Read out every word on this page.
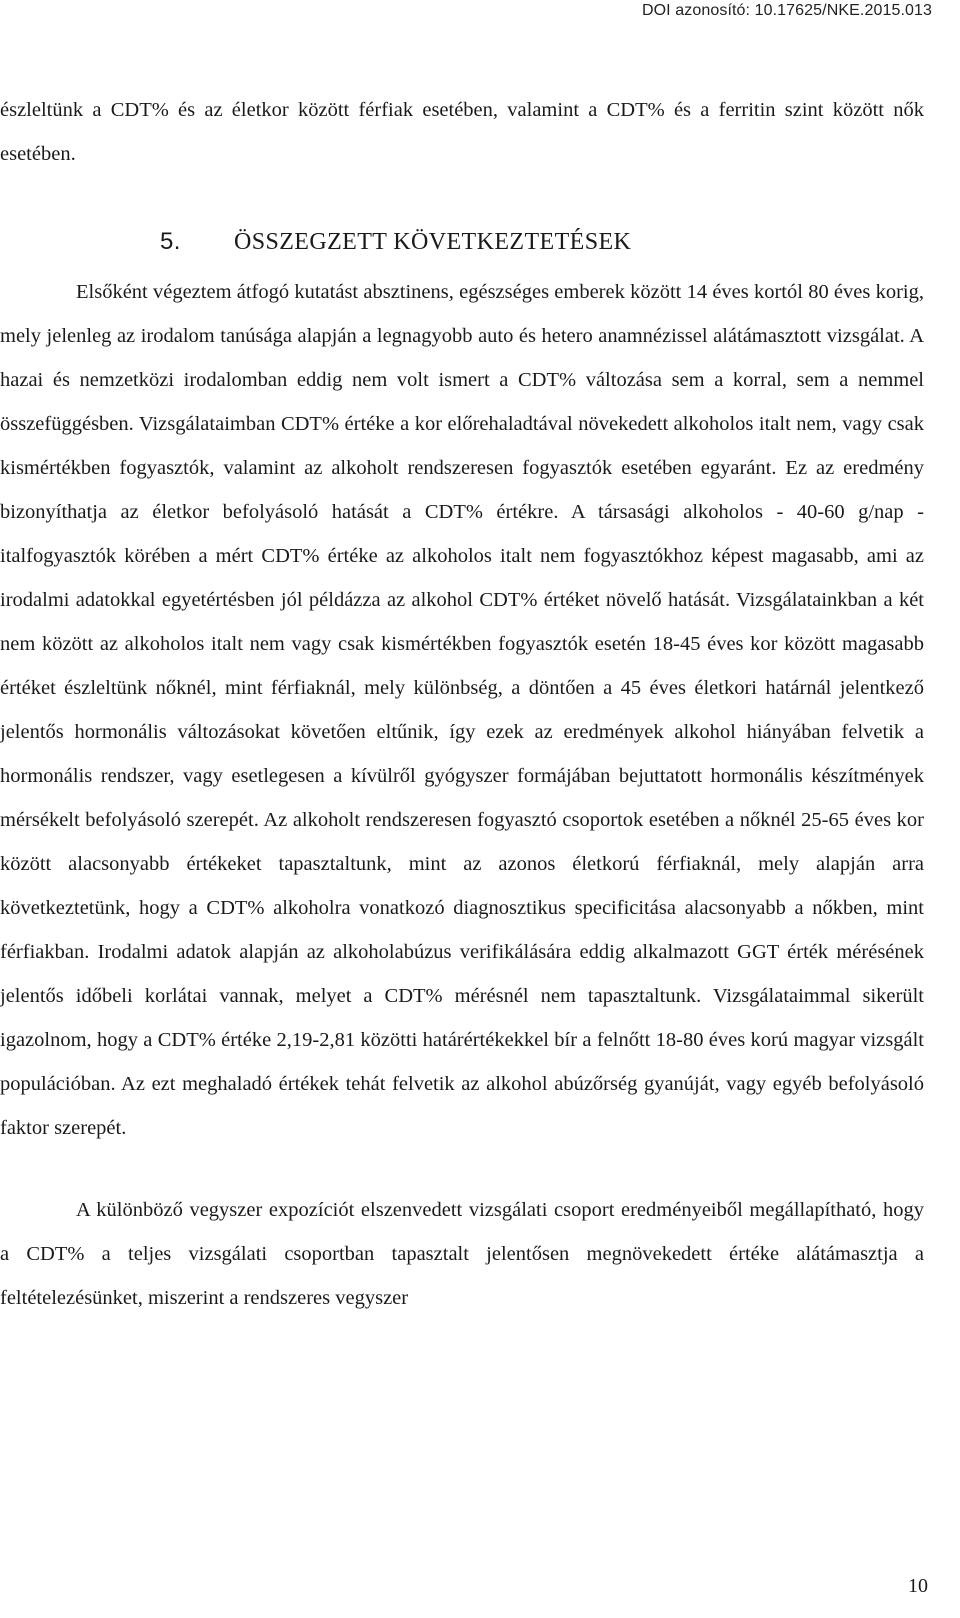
DOI azonosító: 10.17625/NKE.2015.013

észleltünk a CDT% és az életkor között férfiak esetében, valamint a CDT% és a ferritin szint között nők esetében.

5. ÖSSZEGZETT KÖVETKEZTETÉSEK

Elsőként végeztem átfogó kutatást absztinens, egészséges emberek között 14 éves kortól 80 éves korig, mely jelenleg az irodalom tanúsága alapján a legnagyobb auto és hetero anamnézissel alátámasztott vizsgálat. A hazai és nemzetközi irodalomban eddig nem volt ismert a CDT% változása sem a korral, sem a nemmel összefüggésben. Vizsgálataimban CDT% értéke a kor előrehaladtával növekedett alkoholos italt nem, vagy csak kismértékben fogyasztók, valamint az alkoholt rendszeresen fogyasztók esetében egyaránt. Ez az eredmény bizonyíthatja az életkor befolyásoló hatását a CDT% értékre. A társasági alkoholos - 40-60 g/nap - italfogyasztók körében a mért CDT% értéke az alkoholos italt nem fogyasztókhoz képest magasabb, ami az irodalmi adatokkal egyetértésben jól példázza az alkohol CDT% értéket növelő hatását. Vizsgálatainkban a két nem között az alkoholos italt nem vagy csak kismértékben fogyasztók esetén 18-45 éves kor között magasabb értéket észleltünk nőknél, mint férfiaknál, mely különbség, a döntően a 45 éves életkori határnál jelentkező jelentős hormonális változásokat követően eltűnik, így ezek az eredmények alkohol hiányában felvetik a hormonális rendszer, vagy esetlegesen a kívülről gyógyszer formájában bejuttatott hormonális készítmények mérsékelt befolyásoló szerepét. Az alkoholt rendszeresen fogyasztó csoportok esetében a nőknél 25-65 éves kor között alacsonyabb értékeket tapasztaltunk, mint az azonos életkorú férfiaknál, mely alapján arra következtetünk, hogy a CDT% alkoholra vonatkozó diagnosztikus specificitása alacsonyabb a nőkben, mint férfiakban. Irodalmi adatok alapján az alkoholabúzus verifikálására eddig alkalmazott GGT érték mérésének jelentős időbeli korlátai vannak, melyet a CDT% mérésnél nem tapasztaltunk. Vizsgálataimmal sikerült igazolnom, hogy a CDT% értéke 2,19-2,81 közötti határértékekkel bír a felnőtt 18-80 éves korú magyar vizsgált populációban. Az ezt meghaladó értékek tehát felvetik az alkohol abúzőrség gyanúját, vagy egyéb befolyásoló faktor szerepét.

A különböző vegyszer expozíciót elszenvedett vizsgálati csoport eredményeiből megállapítható, hogy a CDT% a teljes vizsgálati csoportban tapasztalt jelentősen megnövekedett értéke alátámasztja a feltételezésünket, miszerint a rendszeres vegyszer

10
